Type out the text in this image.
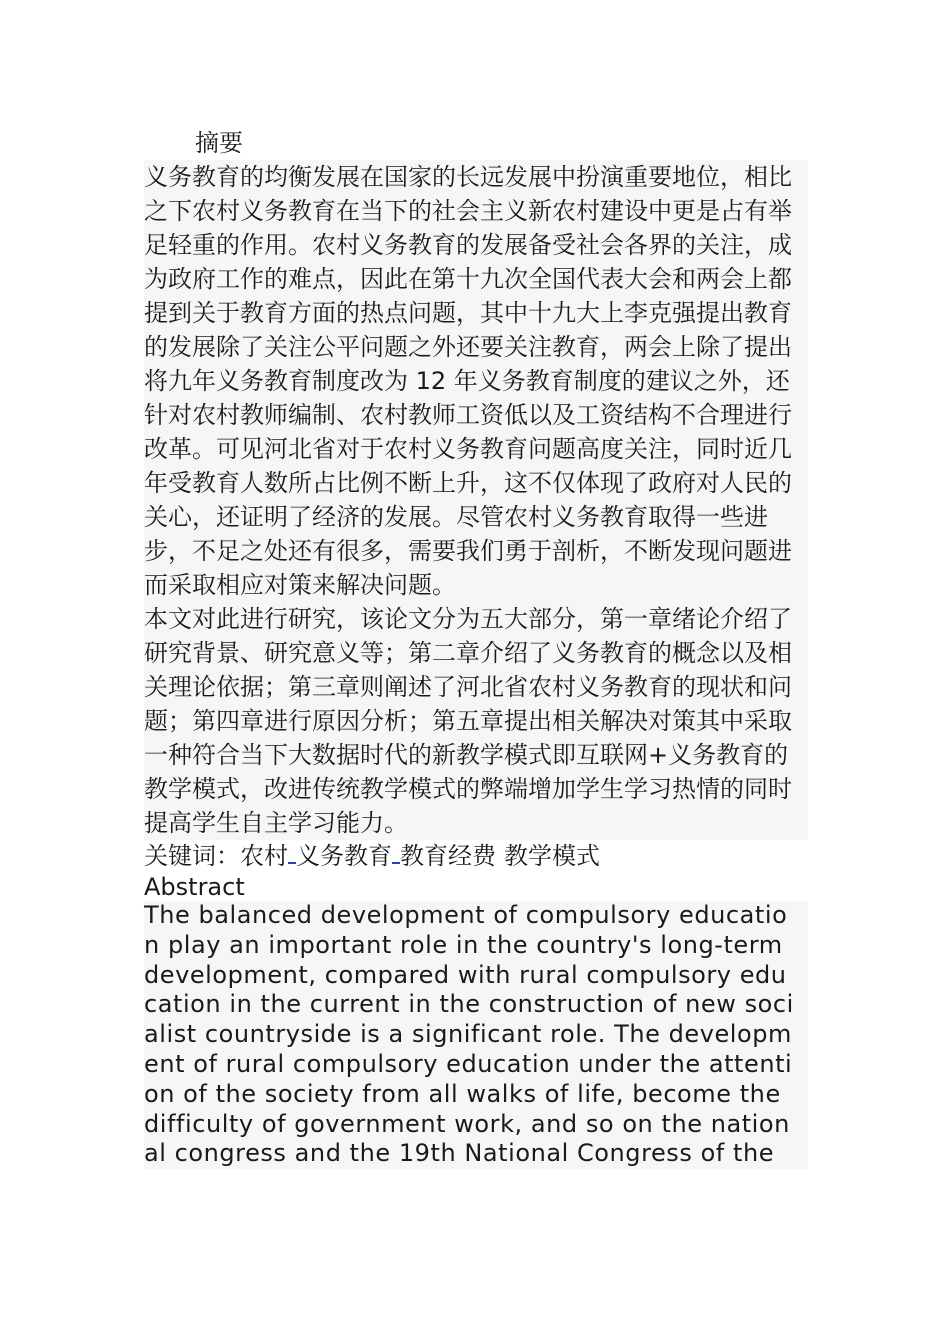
摘要

义务教育的均衡发展在国家的长远发展中扮演重要地位，相比之下农村义务教育在当下的社会主义新农村建设中更是占有举足轻重的作用。农村义务教育的发展备受社会各界的关注，成为政府工作的难点，因此在第十九次全国代表大会和两会上都提到关于教育方面的热点问题，其中十九大上李克强提出教育的发展除了关注公平问题之外还要关注教育，两会上除了提出将九年义务教育制度改为 12 年义务教育制度的建议之外，还针对农村教师编制、农村教师工资低以及工资结构不合理进行改革。可见河北省对于农村义务教育问题高度关注，同时近几年受教育人数所占比例不断上升，这不仅体现了政府对人民的关心，还证明了经济的发展。尽管农村义务教育取得一些进步，不足之处还有很多，需要我们勇于剖析，不断发现问题进而采取相应对策来解决问题。

本文对此进行研究，该论文分为五大部分，第一章绪论介绍了研究背景、研究意义等；第二章介绍了义务教育的概念以及相关理论依据；第三章则阐述了河北省农村义务教育的现状和问题；第四章进行原因分析；第五章提出相关解决对策其中采取一种符合当下大数据时代的新教学模式即互联网+义务教育的教学模式，改进传统教学模式的弊端增加学生学习热情的同时提高学生自主学习能力。

关键词：农村 义务教育 教育经费 教学模式

Abstract

The balanced development of compulsory educatio

n play an important role in the country's long-term

development, compared with rural compulsory edu

cation in the current in the construction of new soci

alist countryside is a significant role. The developm

ent of rural compulsory education under the attenti

on of the society from all walks of life, become the

difficulty of government work, and so on the nation

al congress and the 19th National Congress of the
